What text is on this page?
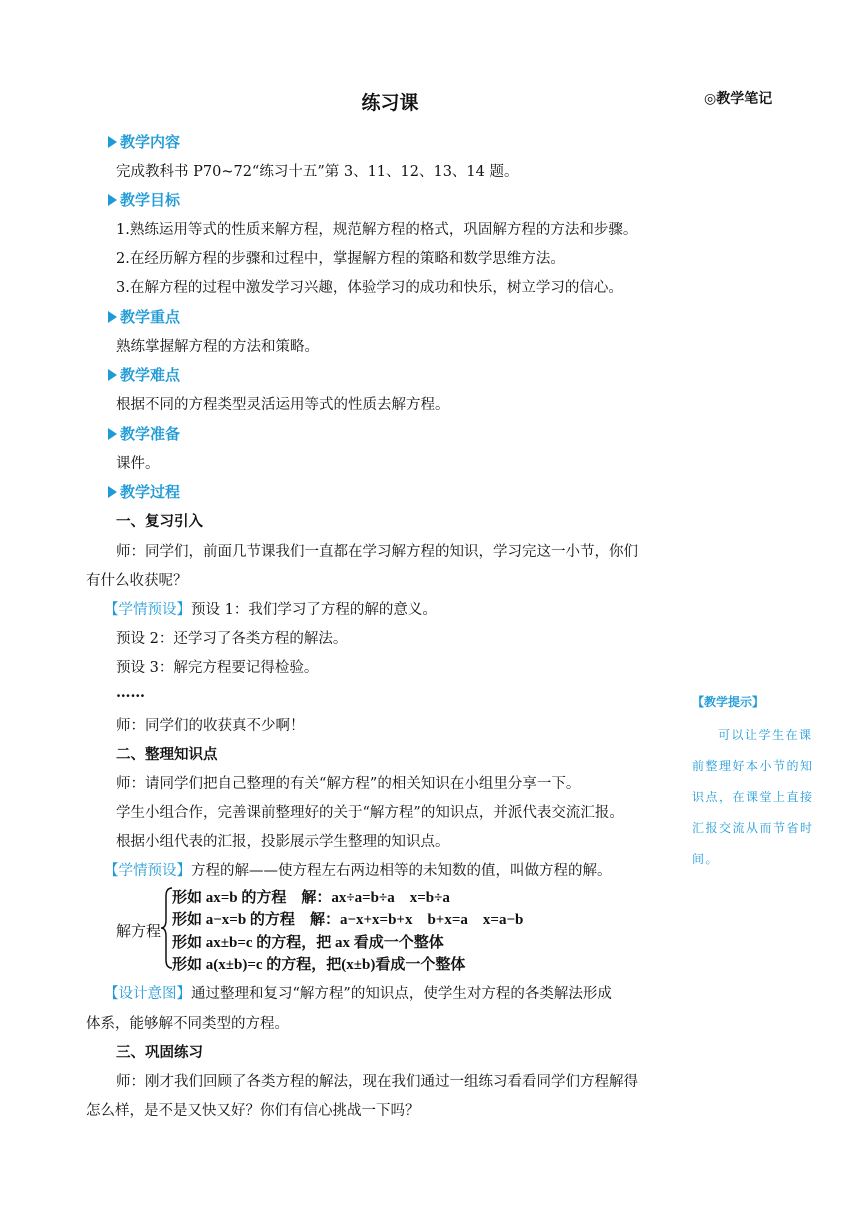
练习课	◎教学笔记
教学内容
完成教科书 P70~72“练习十五”第 3、11、12、13、14 题。
教学目标
1.熟练运用等式的性质来解方程，规范解方程的格式，巩固解方程的方法和步骤。
2.在经历解方程的步骤和过程中，掌握解方程的策略和数学思维方法。
3.在解方程的过程中激发学习兴趣，体验学习的成功和快乐，树立学习的信心。
教学重点
熟练掌握解方程的方法和策略。
教学难点
根据不同的方程类型灵活运用等式的性质去解方程。
教学准备
课件。
教学过程
一、复习引入
师：同学们，前面几节课我们一直都在学习解方程的知识，学习完这一小节，你们
有什么收获呢？
【学情预设】预设 1：我们学习了方程的解的意义。
预设 2：还学习了各类方程的解法。
预设 3：解完方程要记得检验。
……
师：同学们的收获真不少啊！
二、整理知识点
师：请同学们把自己整理的有关“解方程”的相关知识在小组里分享一下。
学生小组合作，完善课前整理好的关于“解方程”的知识点，并派代表交流汇报。
根据小组代表的汇报，投影展示学生整理的知识点。
【学情预设】方程的解——使方程左右两边相等的未知数的值，叫做方程的解。
解方程
形如 ax=b 的方程　解：ax÷a=b÷a　x=b÷a
形如 a−x=b 的方程　解：a−x+x=b+x　b+x=a　x=a−b
形如 ax±b=c 的方程，把 ax 看成一个整体
形如 a(x±b)=c 的方程，把(x±b)看成一个整体
【设计意图】通过整理和复习“解方程”的知识点，使学生对方程的各类解法形成
体系，能够解不同类型的方程。
三、巩固练习
师：刚才我们回顾了各类方程的解法，现在我们通过一组练习看看同学们方程解得
怎么样，是不是又快又好？你们有信心挑战一下吗？
【教学提示】
可以让学生在课前整理好本小节的知识点，在课堂上直接汇报交流从而节省时间。
